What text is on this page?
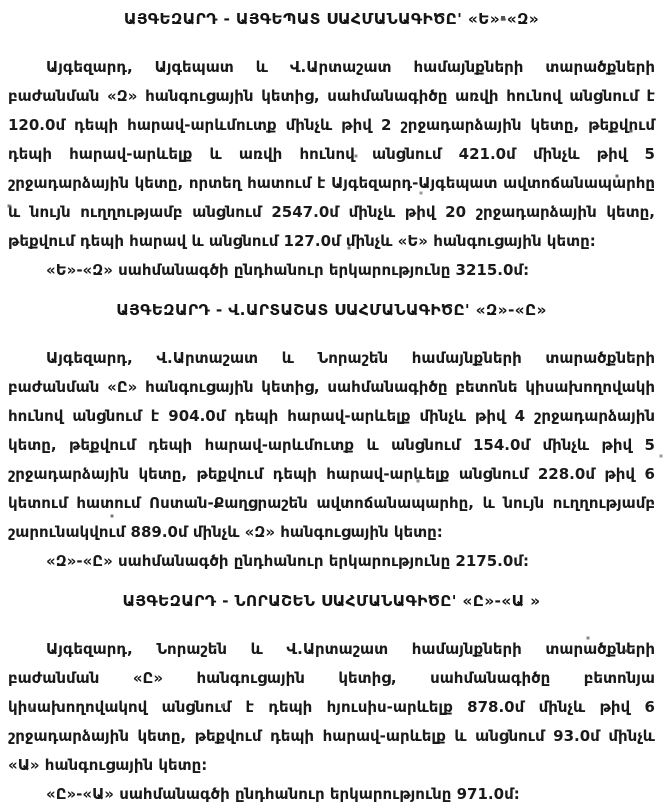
ԱՅԳԵԶԱՐԴ - ԱՅԳԵՊԱՏ ՍԱՀՄԱՆԱԳԻԾԸ' «Ե»-«Զ»

Այգեզարդ, Այգեպատ և Վ.Արտաշատ համայնքների տարածքների բաժանման «Զ» հանգուցային կետից, սահմանագիծը առվի հունով անցնում է 120.0մ դեպի հարավ-արևմուտք մինչև թիվ 2 շրջադարձային կետը, թեքվում դեպի հարավ-արևելք և առվի հունով անցնում 421.0մ մինչև թիվ 5 շրջադարձային կետը, որտեղ հատում է Այգեզարդ-Այգեպատ ավտոճանապարհը և նույն ուղղությամբ անցնում 2547.0մ մինչև թիվ 20 շրջադարձային կետը, թեքվում դեպի հարավ և անցնում 127.0մ մինչև «Ե» հանգուցային կետը:

«Ե»-«Զ» սահմանագծի ընդհանուր երկարությունը 3215.0մ:

ԱՅԳԵԶԱՐԴ - Վ.ԱՐՏԱՇԱՏ ՍԱՀՄԱՆԱԳԻԾԸ' «Զ»-«Ը»

Այգեզարդ, Վ.Արտաշատ և Նորաշեն համայնքների տարածքների բաժանման «Ը» հանգուցային կետից, սահմանագիծը բետոնե կիսախողովակի հունով անցնում է 904.0մ դեպի հարավ-արևելք մինչև թիվ 4 շրջադարձային կետը, թեքվում դեպի հարավ-արևմուտք և անցնում 154.0մ մինչև թիվ 5 շրջադարձային կետը, թեքվում դեպի հարավ-արևելք անցնում 228.0մ թիվ 6 կետում հատում Ոստան-Քաղցրաշեն ավտոճանապարհը, և նույն ուղղությամբ շարունակվում 889.0մ մինչև «Զ» հանգուցային կետը:

«Զ»-«Ը» սահմանագծի ընդհանուր երկարությունը 2175.0մ:

ԱՅԳԵԶԱՐԴ - ՆՈՐԱՇԵՆ ՍԱՀՄԱՆԱԳԻԾԸ' «Ը»-«Ա »

Այգեզարդ, Նորաշեն և Վ.Արտաշատ համայնքների տարածքների բաժանման «Ը» հանգուցային կետից, սահմանագիծը բետոնյա կիսախողովակով անցնում է դեպի հյուսիս-արևելք 878.0մ մինչև թիվ 6 շրջադարձային կետը, թեքվում դեպի հարավ-արևելք և անցնում 93.0մ մինչև «Ա» հանգուցային կետը:

«Ը»-«Ա» սահմանագծի ընդհանուր երկարությունը 971.0մ:
